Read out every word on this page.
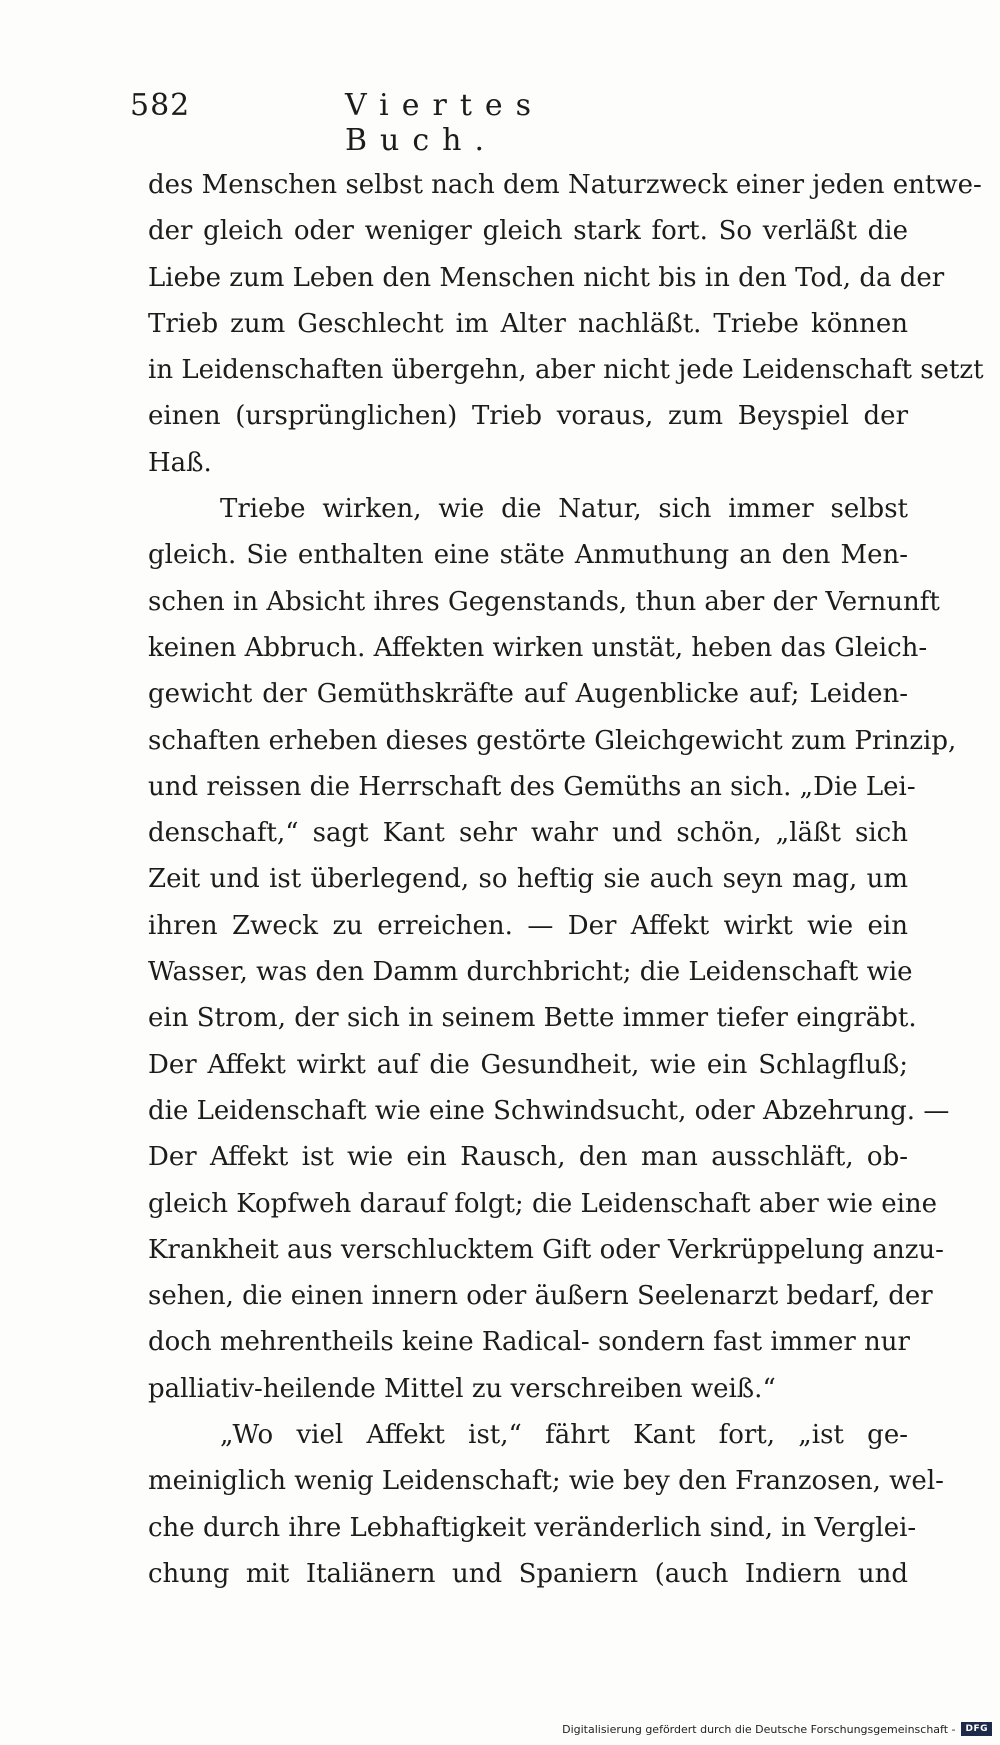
582	Viertes Buch.
des Menschen selbst nach dem Naturzweck einer jeden entwe-
der gleich oder weniger gleich stark fort. So verläßt die
Liebe zum Leben den Menschen nicht bis in den Tod, da der
Trieb zum Geschlecht im Alter nachläßt. Triebe können
in Leidenschaften übergehn, aber nicht jede Leidenschaft setzt
einen (ursprünglichen) Trieb voraus, zum Beyspiel der
Haß.
Triebe wirken, wie die Natur, sich immer selbst
gleich. Sie enthalten eine stäte Anmuthung an den Men-
schen in Absicht ihres Gegenstands, thun aber der Vernunft
keinen Abbruch. Affekten wirken unstät, heben das Gleich-
gewicht der Gemüthskräfte auf Augenblicke auf; Leiden-
schaften erheben dieses gestörte Gleichgewicht zum Prinzip,
und reissen die Herrschaft des Gemüths an sich. „Die Lei-
denschaft,“ sagt Kant sehr wahr und schön, „läßt sich
Zeit und ist überlegend, so heftig sie auch seyn mag, um
ihren Zweck zu erreichen. — Der Affekt wirkt wie ein
Wasser, was den Damm durchbricht; die Leidenschaft wie
ein Strom, der sich in seinem Bette immer tiefer eingräbt.
Der Affekt wirkt auf die Gesundheit, wie ein Schlagfluß;
die Leidenschaft wie eine Schwindsucht, oder Abzehrung. —
Der Affekt ist wie ein Rausch, den man ausschläft, ob-
gleich Kopfweh darauf folgt; die Leidenschaft aber wie eine
Krankheit aus verschlucktem Gift oder Verkrüppelung anzu-
sehen, die einen innern oder äußern Seelenarzt bedarf, der
doch mehrentheils keine Radical- sondern fast immer nur
palliativ-heilende Mittel zu verschreiben weiß.“
„Wo viel Affekt ist,“ fährt Kant fort, „ist ge-
meiniglich wenig Leidenschaft; wie bey den Franzosen, wel-
che durch ihre Lebhaftigkeit veränderlich sind, in Verglei-
chung mit Italiänern und Spaniern (auch Indiern und
Digitalisierung gefördert durch die Deutsche Forschungsgemeinschaft -	DFG
